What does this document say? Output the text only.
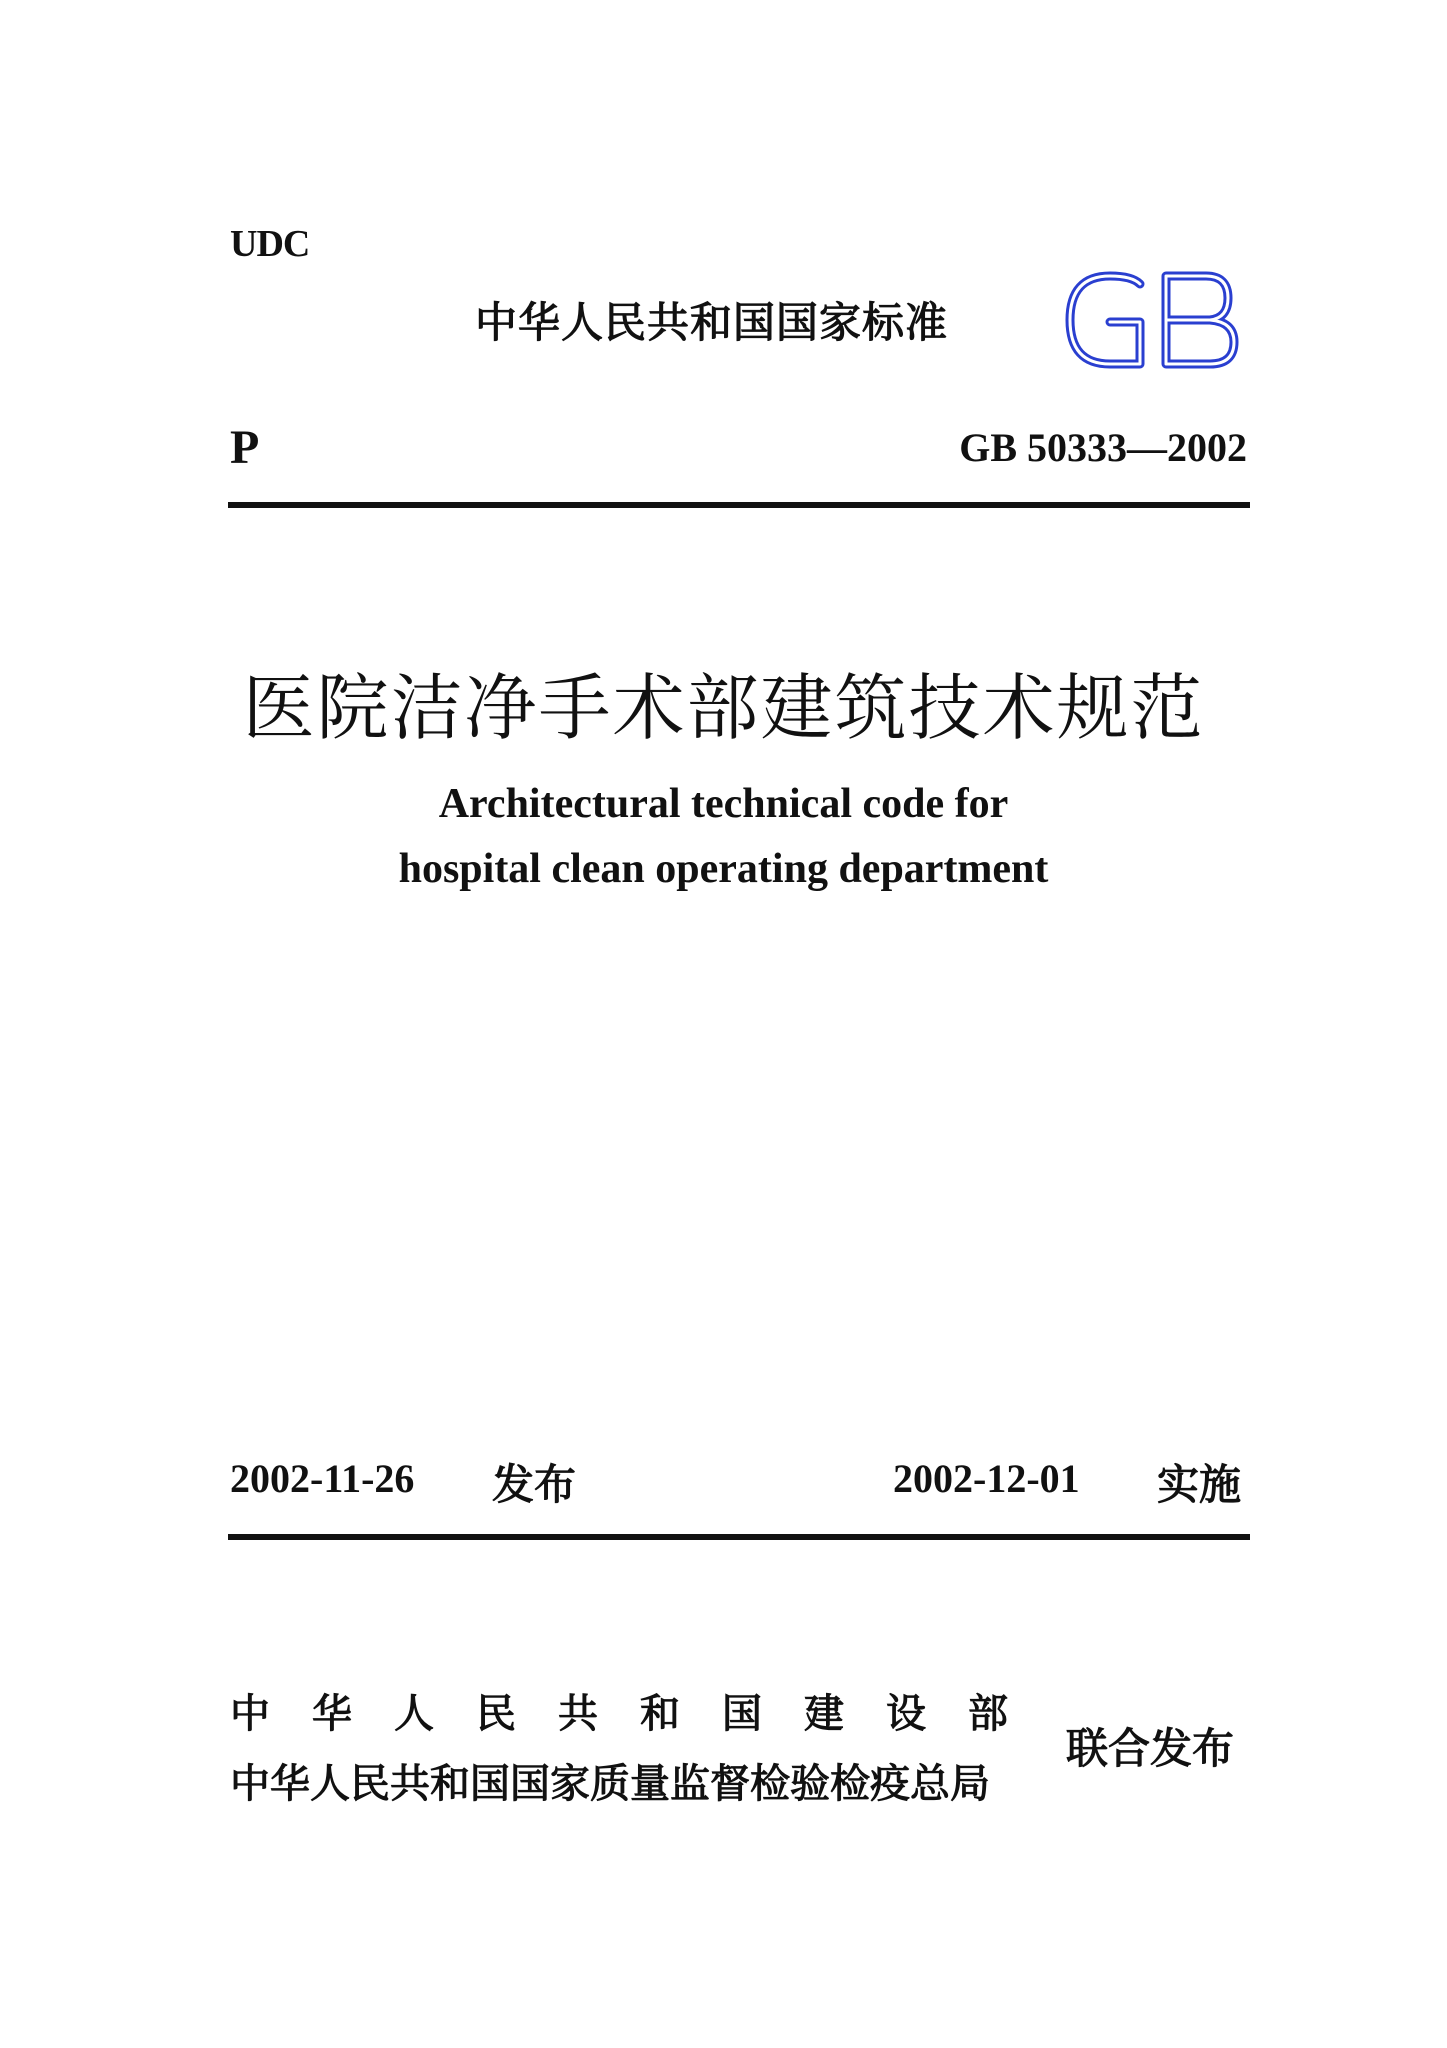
UDC
中华人民共和国国家标准
GB
P	GB 50333—2002
医院洁净手术部建筑技术规范
Architectural technical code for
hospital clean operating department
2002-11-26 发布	2002-12-01 实施
中华人民共和国建设部
中华人民共和国国家质量监督检验检疫总局
联合发布
